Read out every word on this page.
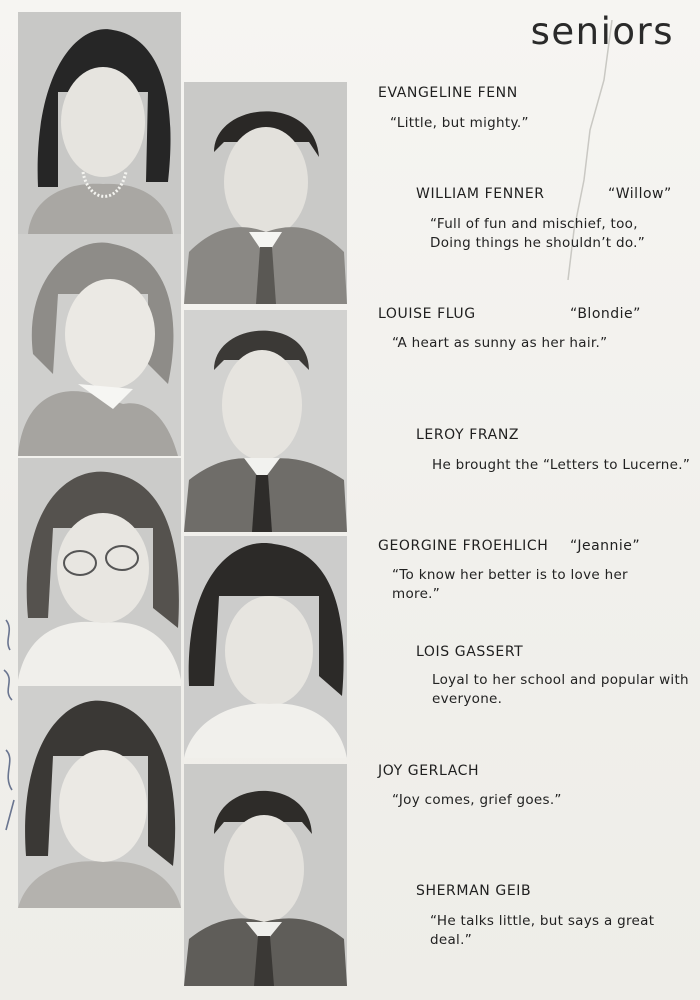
seniors
EVANGELINE FENN
“Little, but mighty.”
WILLIAM FENNER	“Willow”
“Full of fun and mischief, too,
Doing things he shouldn’t do.”
LOUISE FLUG	“Blondie”
“A heart as sunny as her hair.”
LEROY FRANZ
He brought the “Letters to Lucerne.”
GEORGINE FROEHLICH “Jeannie”
“To know her better is to love her
more.”
LOIS GASSERT
Loyal to her school and popular with
everyone.
JOY GERLACH
“Joy comes, grief goes.”
SHERMAN GEIB
“He talks little, but says a great deal.”
